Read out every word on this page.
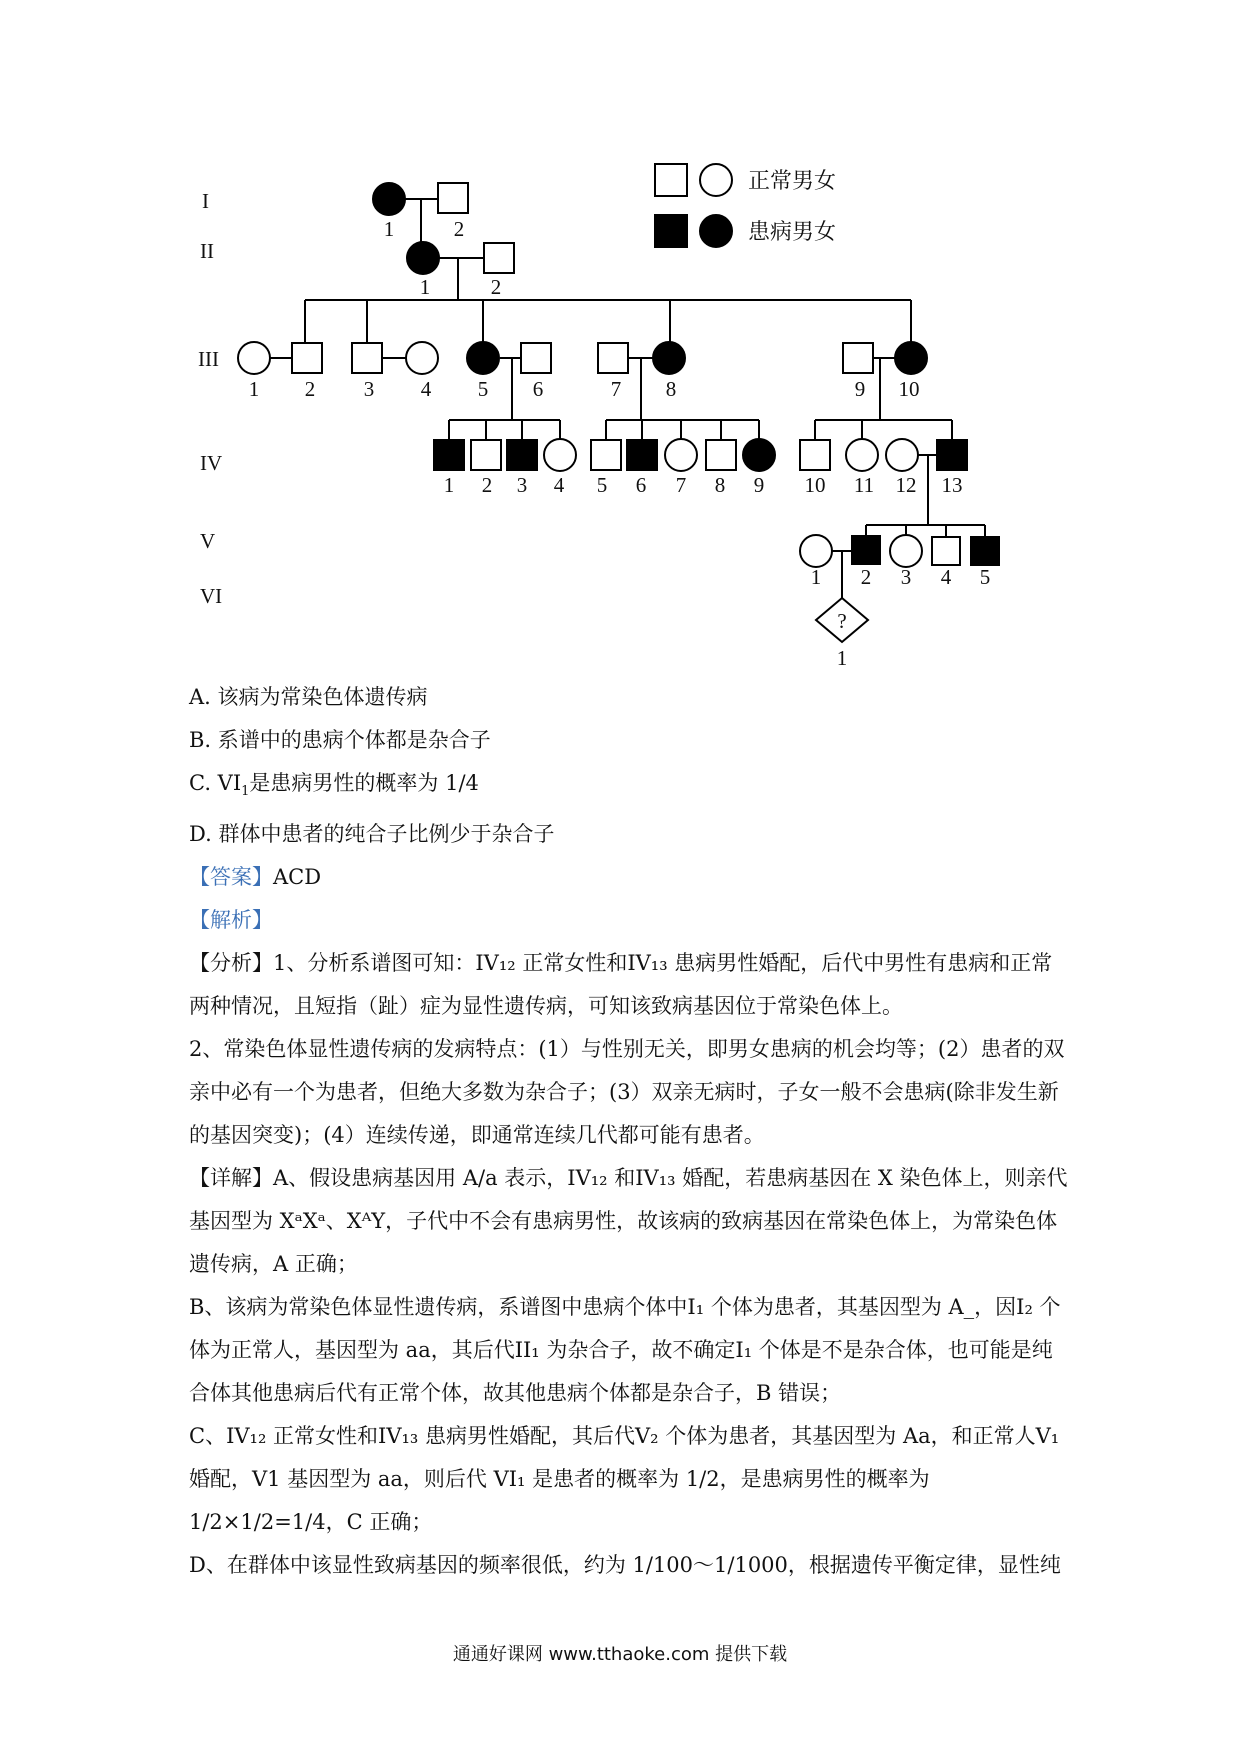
?
正常男女
患病男女
I
II
III
IV
V
VI
1	2
1	2
1 2 3 4 5 6	7 8	9 10
1 2 3 4 5 6 7 8 9 10 11 12 13
1 2 3 4 5
1

A. 该病为常染色体遗传病

B. 系谱中的患病个体都是杂合子

C. $VI_1$是患病男性的概率为 1/4

D. 群体中患者的纯合子比例少于杂合子

【答案】ACD

【解析】

【分析】1、分析系谱图可知：IV₁₂ 正常女性和IV₁₃ 患病男性婚配，后代中男性有患病和正常两种情况，且短指（趾）症为显性遗传病，可知该致病基因位于常染色体上。

2、常染色体显性遗传病的发病特点：(1）与性别无关，即男女患病的机会均等；(2）患者的双亲中必有一个为患者，但绝大多数为杂合子；(3）双亲无病时，子女一般不会患病(除非发生新的基因突变)；(4）连续传递，即通常连续几代都可能有患者。

【详解】A、假设患病基因用 A/a 表示，IV₁₂ 和IV₁₃ 婚配，若患病基因在 X 染色体上，则亲代基因型为 XᵃXᵃ、XᴬY，子代中不会有患病男性，故该病的致病基因在常染色体上，为常染色体遗传病，A 正确；

B、该病为常染色体显性遗传病，系谱图中患病个体中I₁ 个体为患者，其基因型为 A_，因I₂ 个体为正常人，基因型为 aa，其后代II₁ 为杂合子，故不确定I₁ 个体是不是杂合体，也可能是纯合体其他患病后代有正常个体，故其他患病个体都是杂合子，B 错误；

C、IV₁₂ 正常女性和IV₁₃ 患病男性婚配，其后代V₂ 个体为患者，其基因型为 Aa，和正常人V₁ 婚配，V1 基因型为 aa，则后代 VI₁ 是患者的概率为 1/2，是患病男性的概率为 1/2×1/2=1/4，C 正确；

D、在群体中该显性致病基因的频率很低，约为 1/100～1/1000，根据遗传平衡定律，显性纯

通通好课网 www.tthaoke.com 提供下载
